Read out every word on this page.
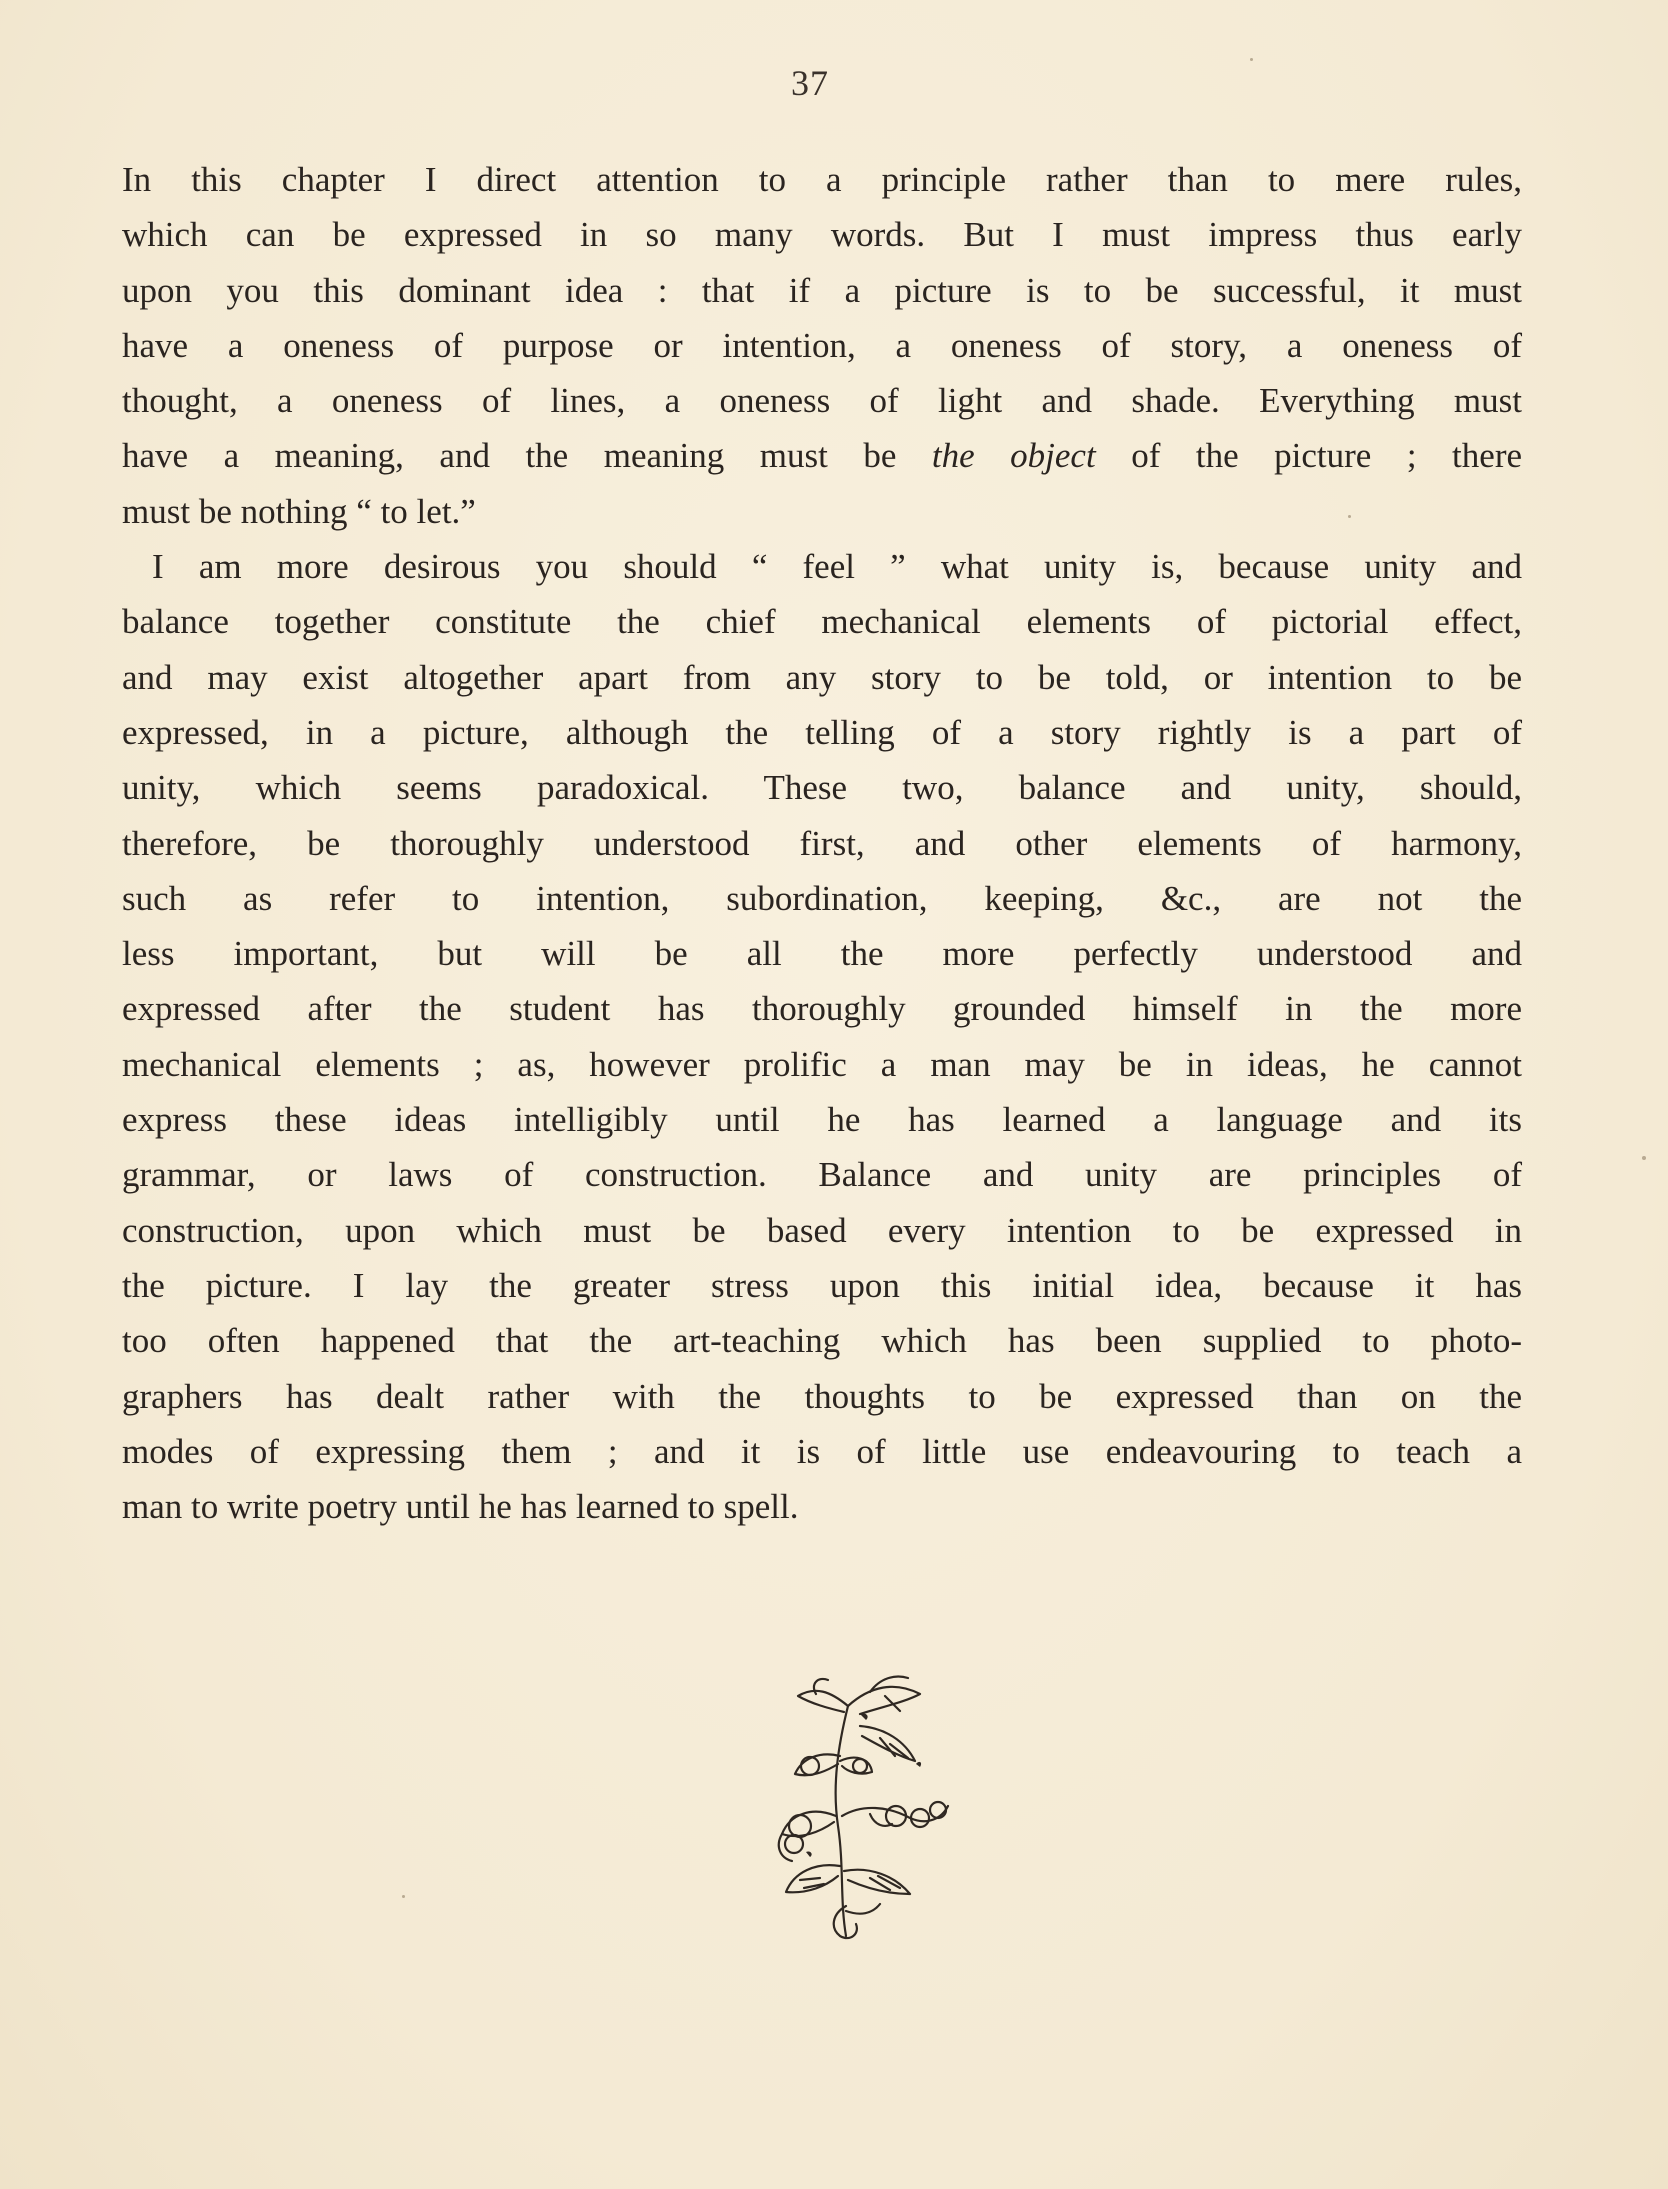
37
In this chapter I direct attention to a principle rather than to mere rules,
which can be expressed in so many words. But I must impress thus early
upon you this dominant idea : that if a picture is to be successful, it must
have a oneness of purpose or intention, a oneness of story, a oneness of
thought, a oneness of lines, a oneness of light and shade. Everything must
have a meaning, and the meaning must be the object of the picture ; there
must be nothing “ to let.”
I am more desirous you should “ feel ” what unity is, because unity and
balance together constitute the chief mechanical elements of pictorial effect,
and may exist altogether apart from any story to be told, or intention to be
expressed, in a picture, although the telling of a story rightly is a part of
unity, which seems paradoxical. These two, balance and unity, should,
therefore, be thoroughly understood first, and other elements of harmony,
such as refer to intention, subordination, keeping, &c., are not the
less important, but will be all the more perfectly understood and
expressed after the student has thoroughly grounded himself in the more
mechanical elements ; as, however prolific a man may be in ideas, he cannot
express these ideas intelligibly until he has learned a language and its
grammar, or laws of construction. Balance and unity are principles of
construction, upon which must be based every intention to be expressed in
the picture. I lay the greater stress upon this initial idea, because it has
too often happened that the art-teaching which has been supplied to photo-
graphers has dealt rather with the thoughts to be expressed than on the
modes of expressing them ; and it is of little use endeavouring to teach a
man to write poetry until he has learned to spell.
